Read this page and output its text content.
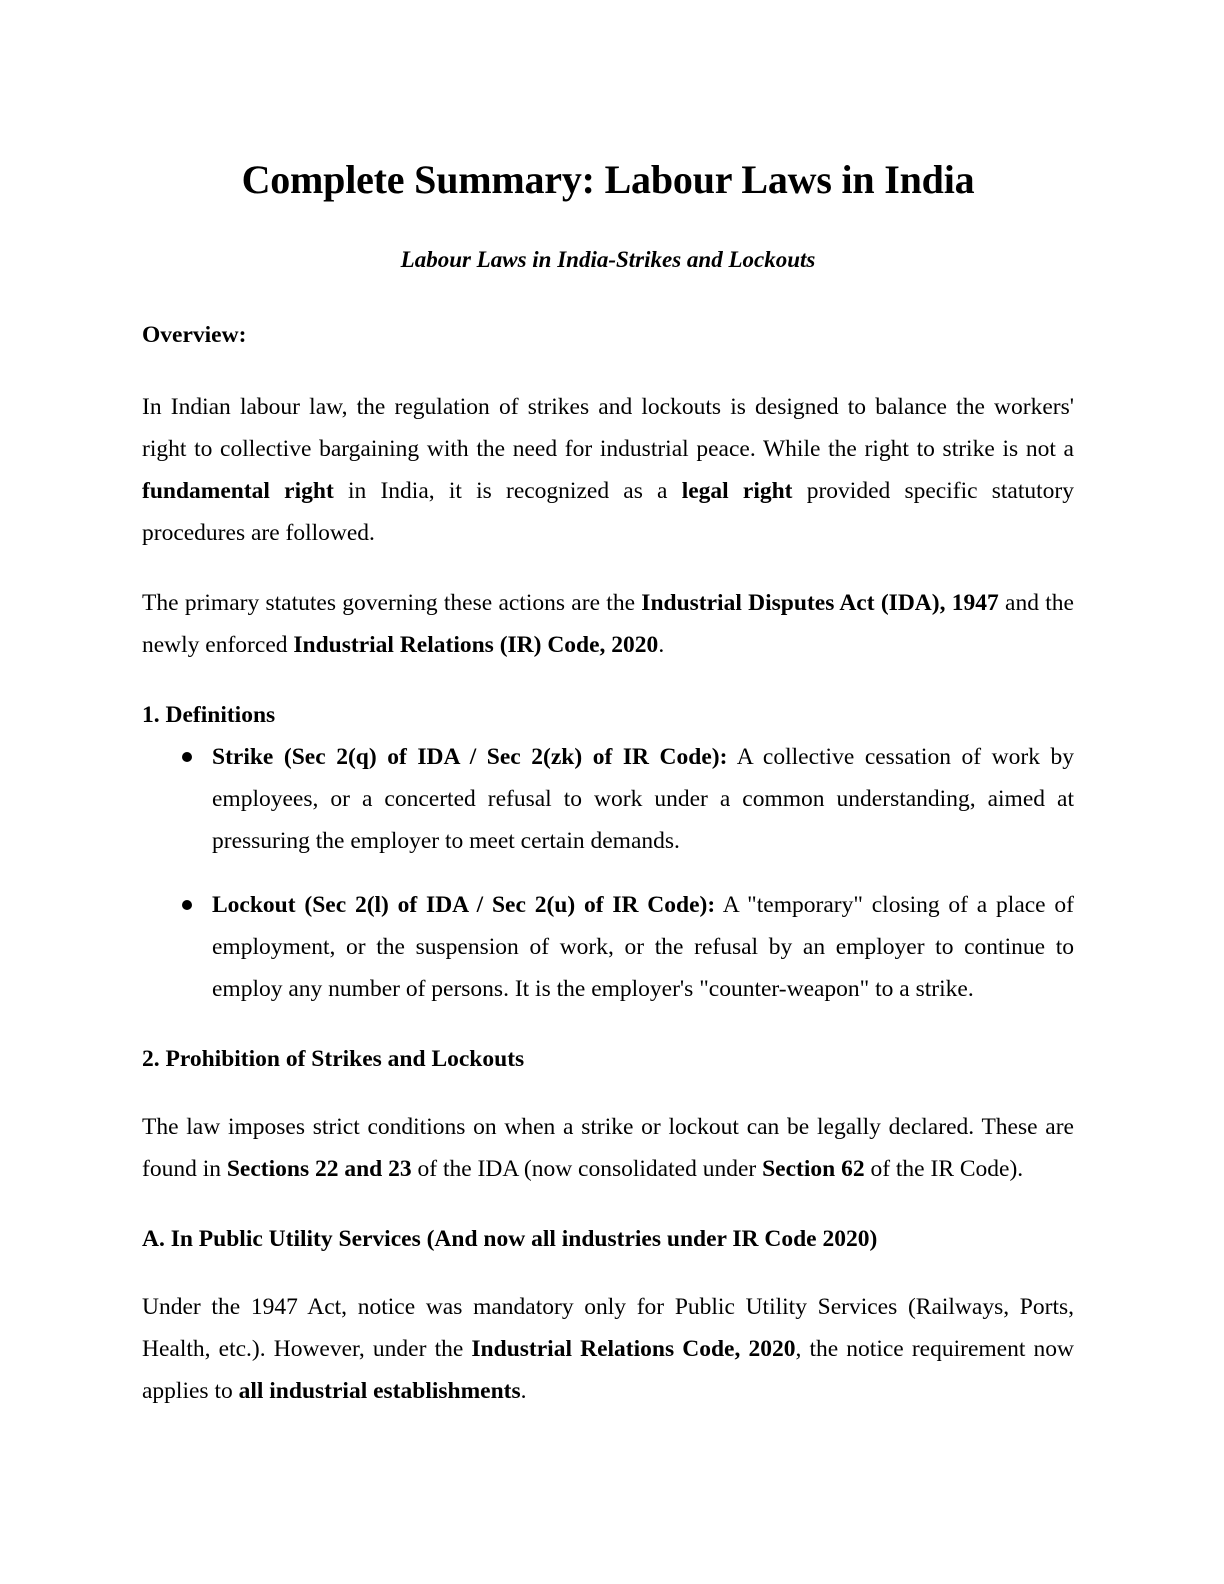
Complete Summary: Labour Laws in India

Labour Laws in India-Strikes and Lockouts

Overview:

In Indian labour law, the regulation of strikes and lockouts is designed to balance the workers' right to collective bargaining with the need for industrial peace. While the right to strike is not a fundamental right in India, it is recognized as a legal right provided specific statutory procedures are followed.

The primary statutes governing these actions are the Industrial Disputes Act (IDA), 1947 and the newly enforced Industrial Relations (IR) Code, 2020.

1. Definitions

Strike (Sec 2(q) of IDA / Sec 2(zk) of IR Code): A collective cessation of work by employees, or a concerted refusal to work under a common understanding, aimed at pressuring the employer to meet certain demands.
Lockout (Sec 2(l) of IDA / Sec 2(u) of IR Code): A "temporary" closing of a place of employment, or the suspension of work, or the refusal by an employer to continue to employ any number of persons. It is the employer's "counter-weapon" to a strike.

2. Prohibition of Strikes and Lockouts

The law imposes strict conditions on when a strike or lockout can be legally declared. These are found in Sections 22 and 23 of the IDA (now consolidated under Section 62 of the IR Code).

A. In Public Utility Services (And now all industries under IR Code 2020)

Under the 1947 Act, notice was mandatory only for Public Utility Services (Railways, Ports, Health, etc.). However, under the Industrial Relations Code, 2020, the notice requirement now applies to all industrial establishments.
